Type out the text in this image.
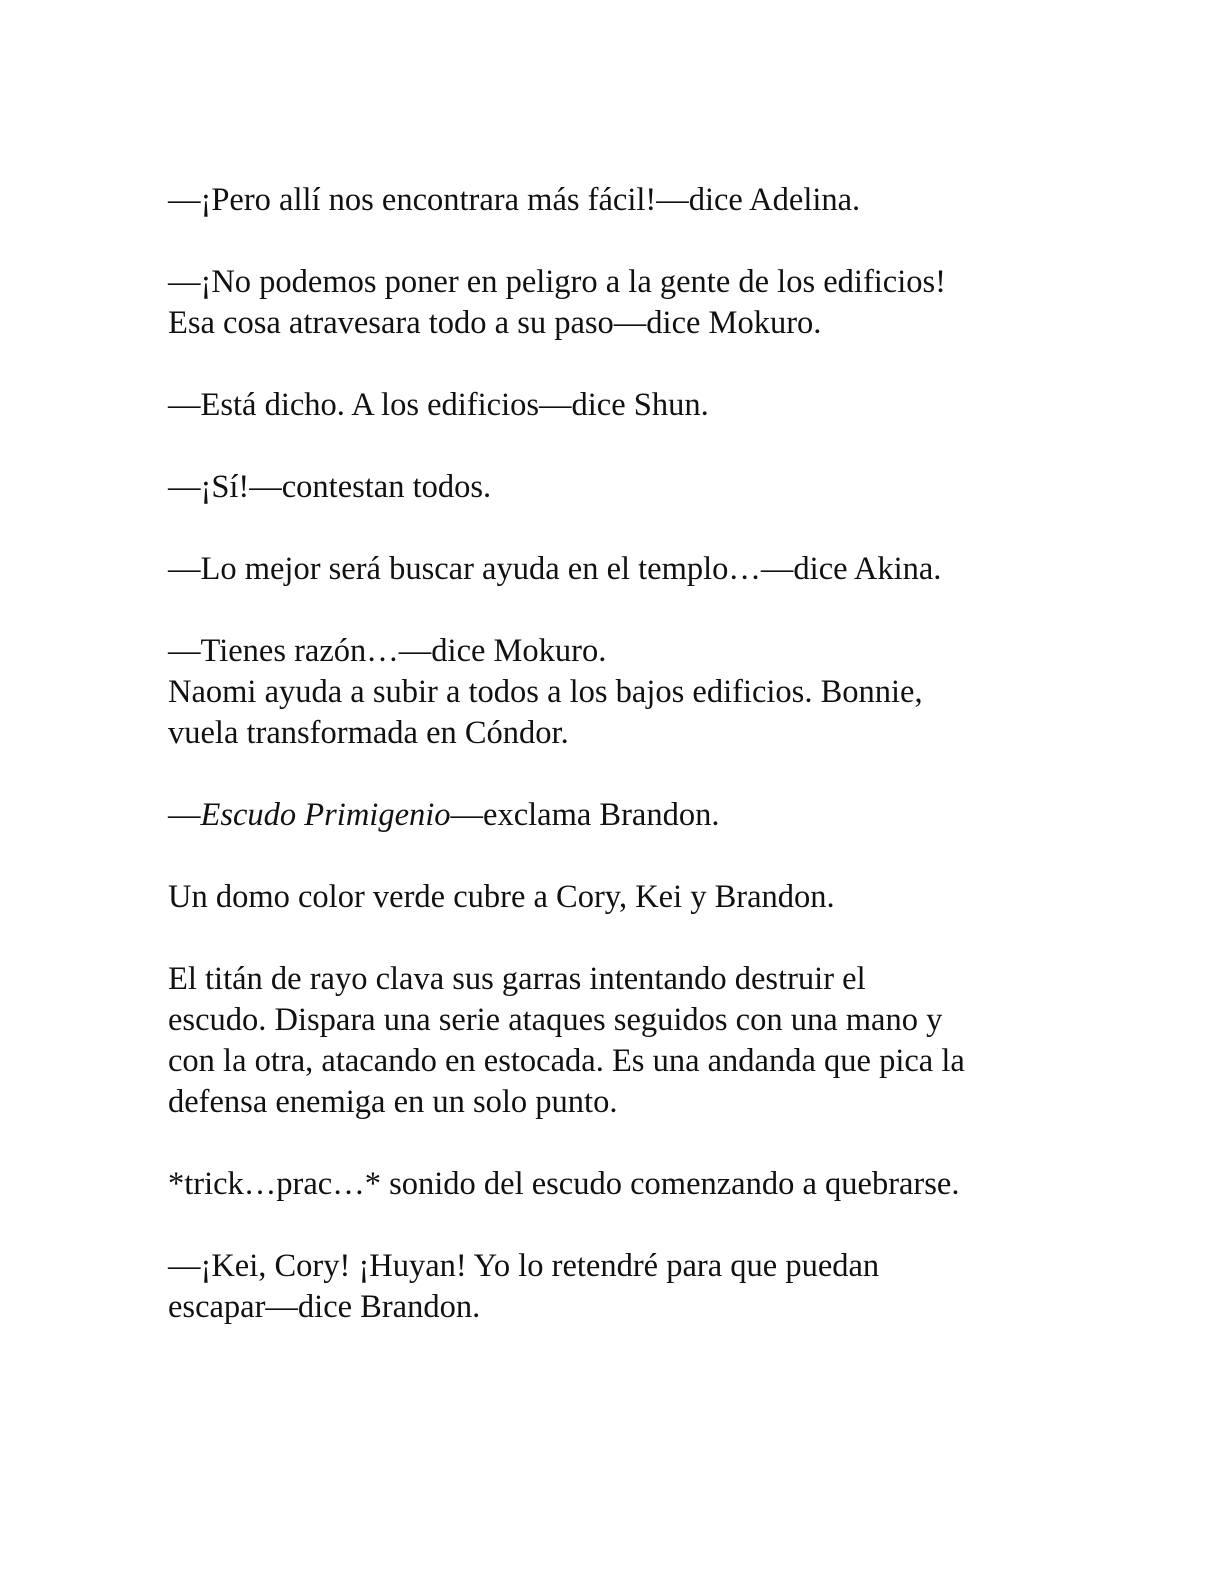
—¡Pero allí nos encontrara más fácil!—dice Adelina.

—¡No podemos poner en peligro a la gente de los edificios!
Esa cosa atravesara todo a su paso—dice Mokuro.

—Está dicho. A los edificios—dice Shun.

—¡Sí!—contestan todos.

—Lo mejor será buscar ayuda en el templo…—dice Akina.

—Tienes razón…—dice Mokuro.

Naomi ayuda a subir a todos a los bajos edificios. Bonnie,
vuela transformada en Cóndor.

—Escudo Primigenio—exclama Brandon.

Un domo color verde cubre a Cory, Kei y Brandon.

El titán de rayo clava sus garras intentando destruir el
escudo. Dispara una serie ataques seguidos con una mano y
con la otra, atacando en estocada. Es una andanda que pica la
defensa enemiga en un solo punto.

*trick…prac…* sonido del escudo comenzando a quebrarse.

—¡Kei, Cory! ¡Huyan! Yo lo retendré para que puedan
escapar—dice Brandon.
